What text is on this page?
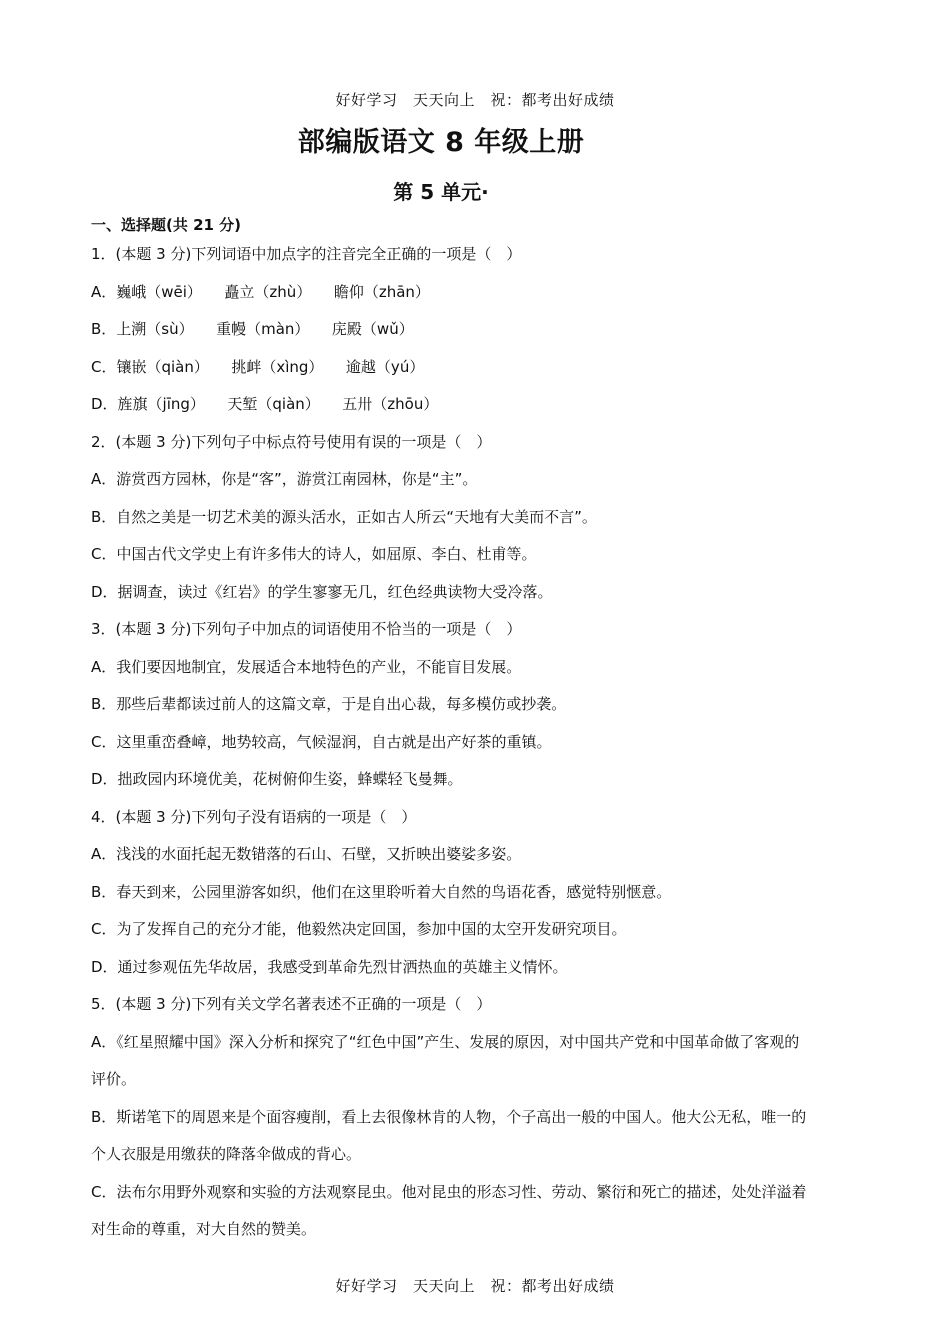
好好学习　天天向上　祝：都考出好成绩
部编版语文 8 年级上册
第 5 单元·
一、选择题(共 21 分)
1．(本题 3 分)下列词语中加点字的注音完全正确的一项是（　）
A．巍峨（wēi）　　矗立（zhù）　　瞻仰（zhān）
B．上溯（sù）　　重幔（màn）　　庑殿（wǔ）
C．镶嵌（qiàn）　　挑衅（xìng）　　逾越（yú）
D．旌旗（jīng）　　天堑（qiàn）　　五卅（zhōu）
2．(本题 3 分)下列句子中标点符号使用有误的一项是（　）
A．游赏西方园林，你是“客”，游赏江南园林，你是“主”。
B．自然之美是一切艺术美的源头活水，正如古人所云“天地有大美而不言”。
C．中国古代文学史上有许多伟大的诗人，如屈原、李白、杜甫等。
D．据调查，读过《红岩》的学生寥寥无几，红色经典读物大受冷落。
3．(本题 3 分)下列句子中加点的词语使用不恰当的一项是（　）
A．我们要因地制宜，发展适合本地特色的产业，不能盲目发展。
B．那些后辈都读过前人的这篇文章，于是自出心裁，每多模仿或抄袭。
C．这里重峦叠嶂，地势较高，气候湿润，自古就是出产好茶的重镇。
D．拙政园内环境优美，花树俯仰生姿，蜂蝶轻飞曼舞。
4．(本题 3 分)下列句子没有语病的一项是（　）
A．浅浅的水面托起无数错落的石山、石壁，又折映出婆娑多姿。
B．春天到来，公园里游客如织，他们在这里聆听着大自然的鸟语花香，感觉特别惬意。
C．为了发挥自己的充分才能，他毅然决定回国，参加中国的太空开发研究项目。
D．通过参观伍先华故居，我感受到革命先烈甘洒热血的英雄主义情怀。
5．(本题 3 分)下列有关文学名著表述不正确的一项是（　）
A．《红星照耀中国》深入分析和探究了“红色中国”产生、发展的原因，对中国共产党和中国革命做了客观的评价。
B．斯诺笔下的周恩来是个面容瘦削，看上去很像林肯的人物，个子高出一般的中国人。他大公无私，唯一的个人衣服是用缴获的降落伞做成的背心。
C．法布尔用野外观察和实验的方法观察昆虫。他对昆虫的形态习性、劳动、繁衍和死亡的描述，处处洋溢着对生命的尊重，对大自然的赞美。
好好学习　天天向上　祝：都考出好成绩
